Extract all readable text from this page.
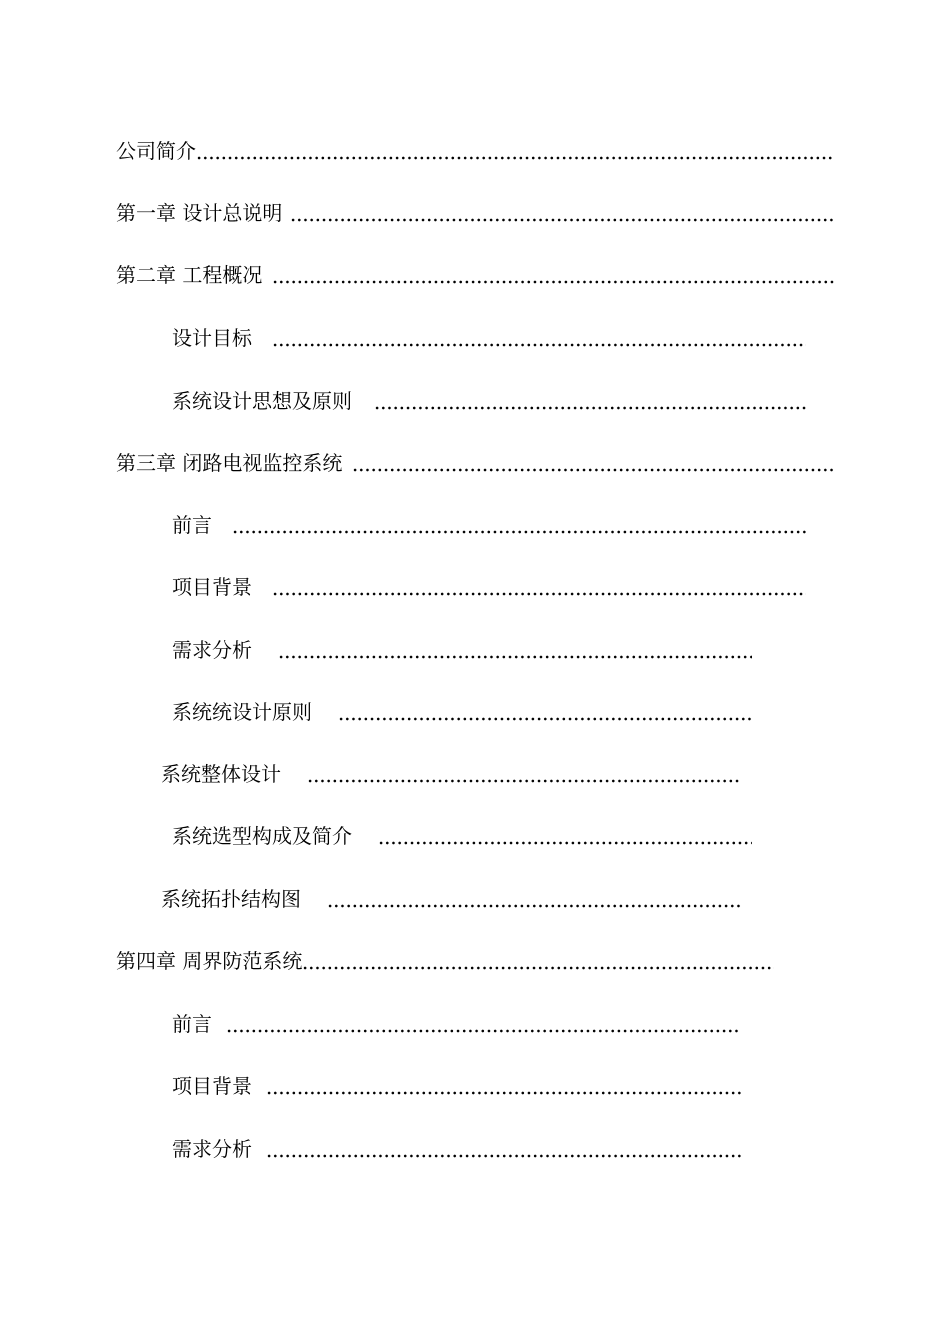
公司简介
第一章 设计总说明
第二章 工程概况
设计目标
系统设计思想及原则
第三章 闭路电视监控系统
前言
项目背景
需求分析
系统统设计原则
系统整体设计
系统选型构成及简介
系统拓扑结构图
第四章 周界防范系统
前言
项目背景
需求分析
